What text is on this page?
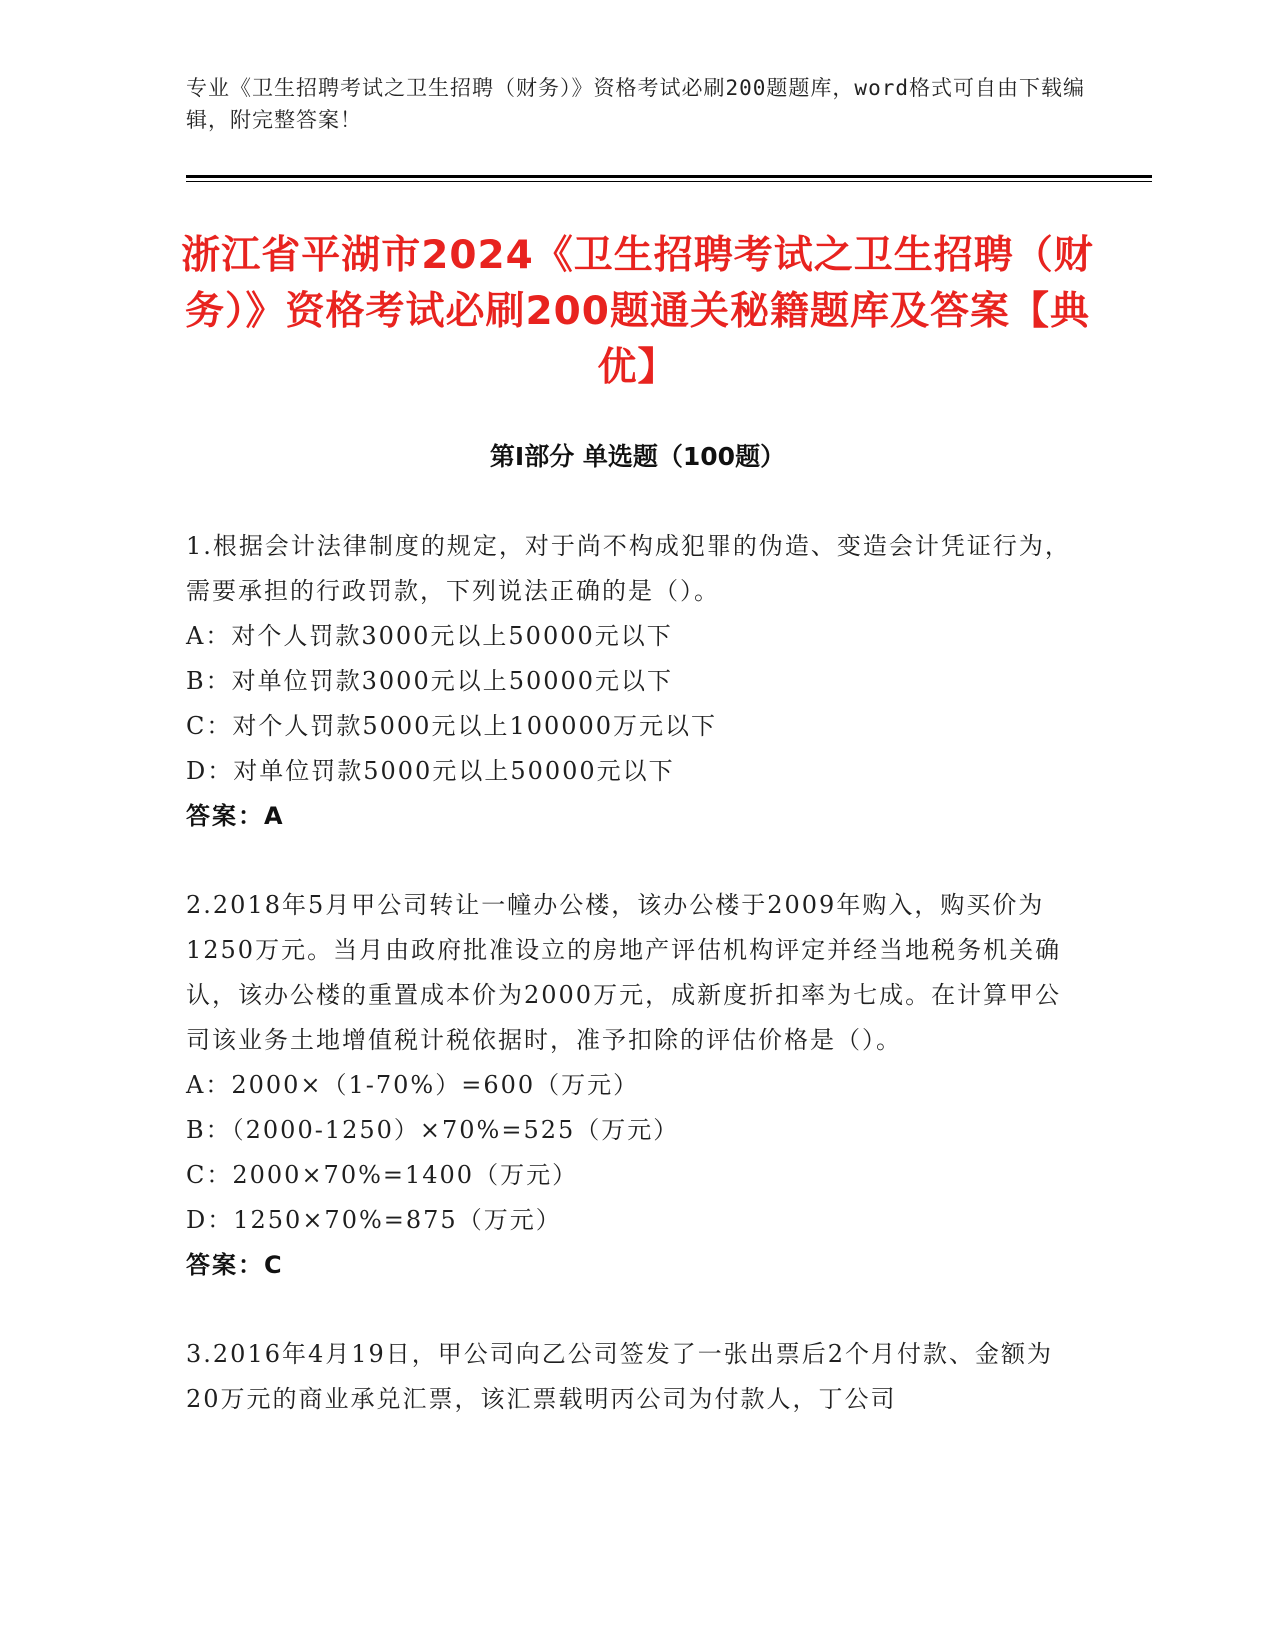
专业《卫生招聘考试之卫生招聘（财务）》资格考试必刷200题题库，word格式可自由下载编辑，附完整答案！
浙江省平湖市2024《卫生招聘考试之卫生招聘（财务）》资格考试必刷200题通关秘籍题库及答案【典优】
第Ⅰ部分 单选题（100题）
1.根据会计法律制度的规定，对于尚不构成犯罪的伪造、变造会计凭证行为，需要承担的行政罚款，下列说法正确的是（）。
A：对个人罚款3000元以上50000元以下
B：对单位罚款3000元以上50000元以下
C：对个人罚款5000元以上100000万元以下
D：对单位罚款5000元以上50000元以下
答案：A
2.2018年5月甲公司转让一幢办公楼，该办公楼于2009年购入，购买价为1250万元。当月由政府批准设立的房地产评估机构评定并经当地税务机关确认，该办公楼的重置成本价为2000万元，成新度折扣率为七成。在计算甲公司该业务土地增值税计税依据时，准予扣除的评估价格是（）。
A：2000×（1-70%）=600（万元）
B：（2000-1250）×70%=525（万元）
C：2000×70%=1400（万元）
D：1250×70%=875（万元）
答案：C
3.2016年4月19日，甲公司向乙公司签发了一张出票后2个月付款、金额为20万元的商业承兑汇票，该汇票载明丙公司为付款人，丁公司
